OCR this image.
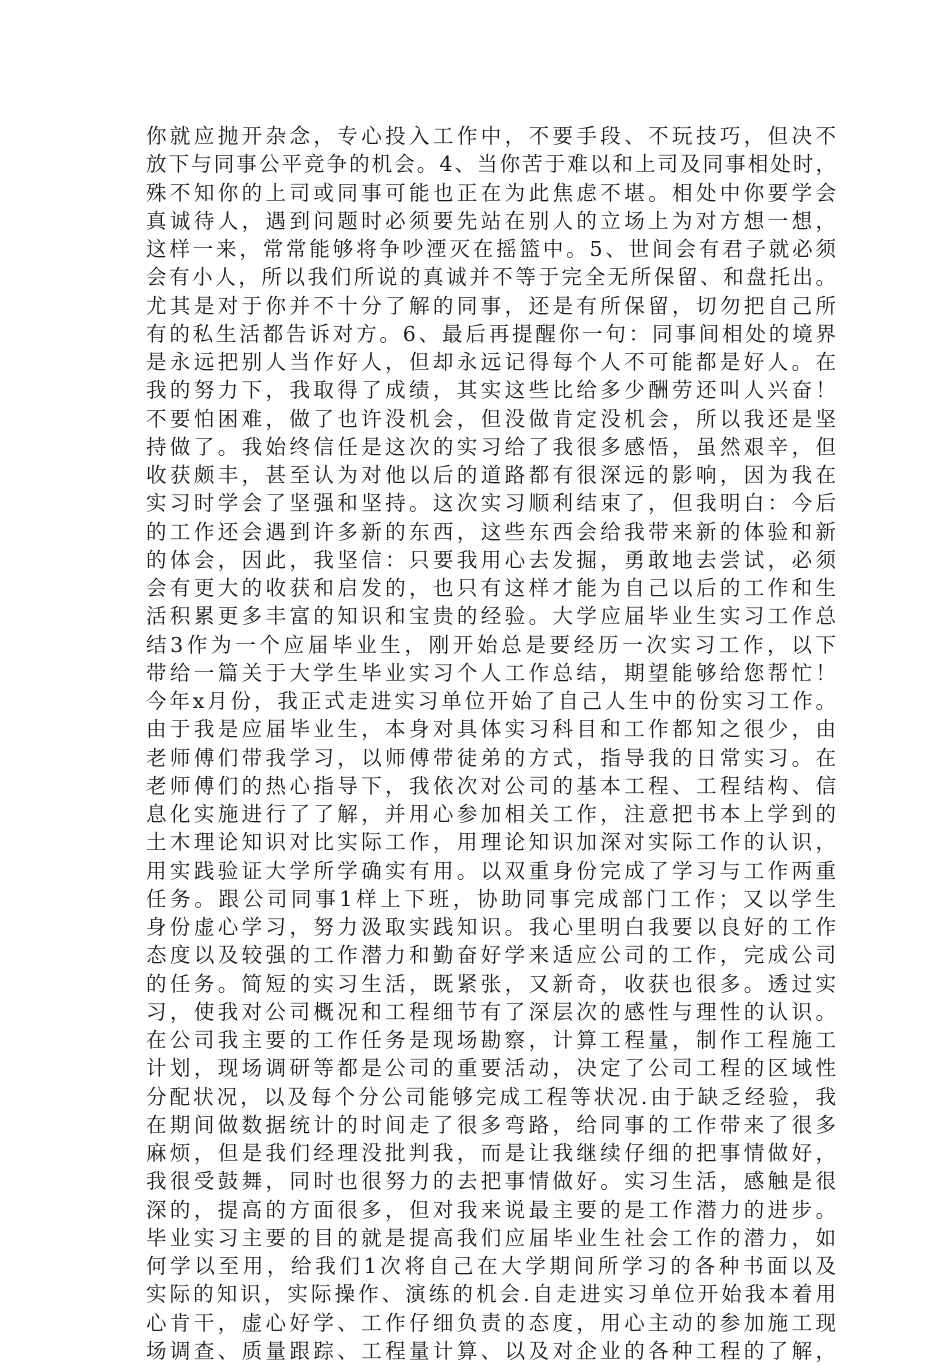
你就应抛开杂念，专心投入工作中，不要手段、不玩技巧，但决不
放下与同事公平竞争的机会。4、当你苦于难以和上司及同事相处时，
殊不知你的上司或同事可能也正在为此焦虑不堪。相处中你要学会
真诚待人，遇到问题时必须要先站在别人的立场上为对方想一想，
这样一来，常常能够将争吵湮灭在摇篮中。5、世间会有君子就必须
会有小人，所以我们所说的真诚并不等于完全无所保留、和盘托出。
尤其是对于你并不十分了解的同事，还是有所保留，切勿把自己所
有的私生活都告诉对方。6、最后再提醒你一句：同事间相处的境界
是永远把别人当作好人，但却永远记得每个人不可能都是好人。在
我的努力下，我取得了成绩，其实这些比给多少酬劳还叫人兴奋！
不要怕困难，做了也许没机会，但没做肯定没机会，所以我还是坚
持做了。我始终信任是这次的实习给了我很多感悟，虽然艰辛，但
收获颇丰，甚至认为对他以后的道路都有很深远的影响，因为我在
实习时学会了坚强和坚持。这次实习顺利结束了，但我明白：今后
的工作还会遇到许多新的东西，这些东西会给我带来新的体验和新
的体会，因此，我坚信：只要我用心去发掘，勇敢地去尝试，必须
会有更大的收获和启发的，也只有这样才能为自己以后的工作和生
活积累更多丰富的知识和宝贵的经验。大学应届毕业生实习工作总
结3作为一个应届毕业生，刚开始总是要经历一次实习工作，以下
带给一篇关于大学生毕业实习个人工作总结，期望能够给您帮忙！
今年x月份，我正式走进实习单位开始了自己人生中的份实习工作。
由于我是应届毕业生，本身对具体实习科目和工作都知之很少，由
老师傅们带我学习，以师傅带徒弟的方式，指导我的日常实习。在
老师傅们的热心指导下，我依次对公司的基本工程、工程结构、信
息化实施进行了了解，并用心参加相关工作，注意把书本上学到的
土木理论知识对比实际工作，用理论知识加深对实际工作的认识，
用实践验证大学所学确实有用。以双重身份完成了学习与工作两重
任务。跟公司同事1样上下班，协助同事完成部门工作；又以学生
身份虚心学习，努力汲取实践知识。我心里明白我要以良好的工作
态度以及较强的工作潜力和勤奋好学来适应公司的工作，完成公司
的任务。简短的实习生活，既紧张，又新奇，收获也很多。透过实
习，使我对公司概况和工程细节有了深层次的感性与理性的认识。
在公司我主要的工作任务是现场勘察，计算工程量，制作工程施工
计划，现场调研等都是公司的重要活动，决定了公司工程的区域性
分配状况，以及每个分公司能够完成工程等状况.由于缺乏经验，我
在期间做数据统计的时间走了很多弯路，给同事的工作带来了很多
麻烦，但是我们经理没批判我，而是让我继续仔细的把事情做好，
我很受鼓舞，同时也很努力的去把事情做好。实习生活，感触是很
深的，提高的方面很多，但对我来说最主要的是工作潜力的进步。
毕业实习主要的目的就是提高我们应届毕业生社会工作的潜力，如
何学以至用，给我们1次将自己在大学期间所学习的各种书面以及
实际的知识，实际操作、演练的机会.自走进实习单位开始我本着用
心肯干，虚心好学、工作仔细负责的态度，用心主动的参加施工现
场调查、质量跟踪、工程量计算、以及对企业的各种工程的了解，
